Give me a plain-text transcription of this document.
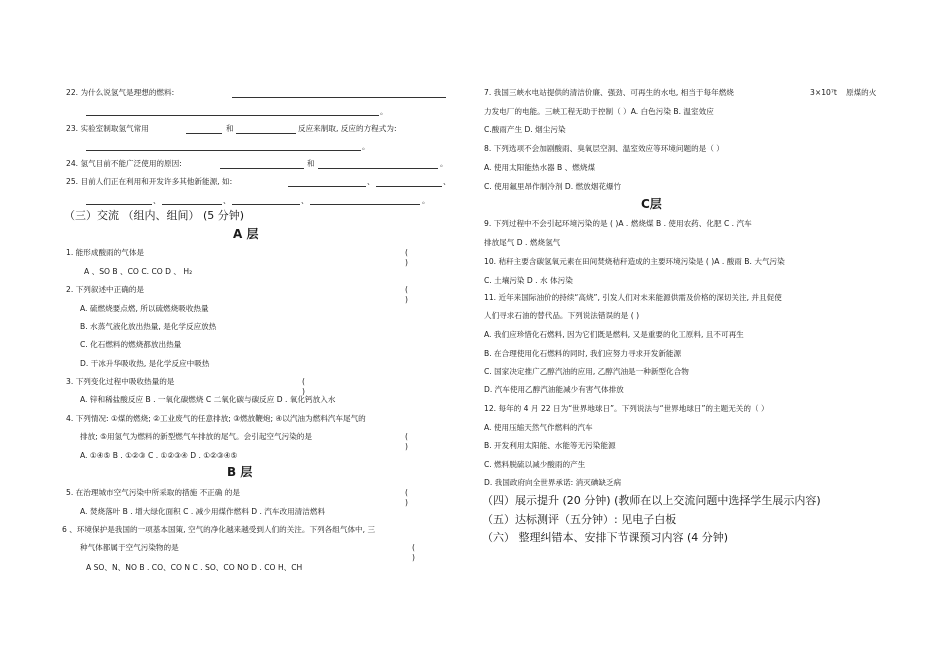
22. 为什么说氢气是理想的燃料:
。
23. 实验室制取氢气常用	和	反应来制取, 反应的方程式为:
。
24. 氢气目前不能广泛使用的原因:	和	。
25. 目前人们正在利用和开发许多其他新能源, 如:	、	、
、	、	、	。
（三）交流 （组内、组间） (5 分钟)
A 层
1. 能形成酸雨的气体是	( )
A 、SO B 、CO C. CO D 、 H₂
2. 下列叙述中正确的是	( )
A. 硫燃烧要点燃, 所以硫燃烧吸收热量
B. 水蒸气液化放出热量, 是化学反应放热
C. 化石燃料的燃烧都放出热量
D. 干冰升华吸收热, 是化学反应中吸热
3. 下列变化过程中吸收热量的是	( )
A. 锌和稀盐酸反应 B . 一氧化碳燃烧 C 二氧化碳与碳反应 D . 氧化钙放入水
4. 下列情况: ①煤的燃烧; ②工业废气的任意排放; ③燃放鞭炮; ④以汽油为燃料汽车尾气的
排放; ⑤用氢气为燃料的新型燃气车排放的尾气。会引起空气污染的是	( )
A. ①④⑤ B . ①②③ C . ①②③④ D . ①②③④⑤
B 层
5. 在治理城市空气污染中所采取的措施 不正确 的是	( )
A. 焚烧落叶 B . 增大绿化面积 C . 减少用煤作燃料 D . 汽车改用清洁燃料
6 、环境保护是我国的一项基本国策, 空气的净化越来越受到人们的关注。下列各组气体中, 三
种气体都属于空气污染物的是	( )
A SO、N、NO B . CO、CO N C . SO、CO NO D . CO H、CH
7. 我国三峡水电站提供的清洁价廉、强劲、可再生的水电, 相当于每年燃烧	3×10⁷t 原煤的火
力发电厂的电能。三峡工程无助于控制（ ）A. 白色污染 B. 温室效应
C.酸雨产生 D. 烟尘污染
8. 下列选项不会加剧酸雨、臭氧层空洞、温室效应等环境问题的是（ ）
A. 使用太阳能热水器 B 、燃烧煤
C. 使用氟里昂作制冷剂 D. 燃放烟花爆竹
C层
9. 下列过程中不会引起环境污染的是 ( )A . 燃烧煤 B . 使用农药、化肥 C . 汽车
排放尾气 D . 燃烧氢气
10. 秸秆主要含碳氢氧元素在田间焚烧秸秆造成的主要环境污染是 ( )A . 酸雨 B. 大气污染
C. 土壤污染 D . 水 体污染
11. 近年来国际油价的持续“高烧”, 引发人们对未来能源供需及价格的深切关注, 并且促使
人们寻求石油的替代品。下列说法错误的是 ( )
A. 我们应珍惜化石燃料, 因为它们既是燃料, 又是重要的化工原料, 且不可再生
B. 在合理使用化石燃料的同时, 我们应努力寻求开发新能源
C. 国家决定推广乙醇汽油的应用, 乙醇汽油是一种新型化合物
D. 汽车使用乙醇汽油能减少有害气体排放
12. 每年的 4 月 22 日为“世界地球日”。下列说法与“世界地球日”的主题无关的（ ）
A. 使用压缩天然气作燃料的汽车
B. 开发利用太阳能、水能等无污染能源
C. 燃料脱硫以减少酸雨的产生
D. 我国政府向全世界承诺: 消灭碘缺乏病
（四）展示提升 (20 分钟) (教师在以上交流问题中选择学生展示内容)
（五）达标测评（五分钟）: 见电子白板
（六） 整理纠错本、安排下节课预习内容 (4 分钟)
